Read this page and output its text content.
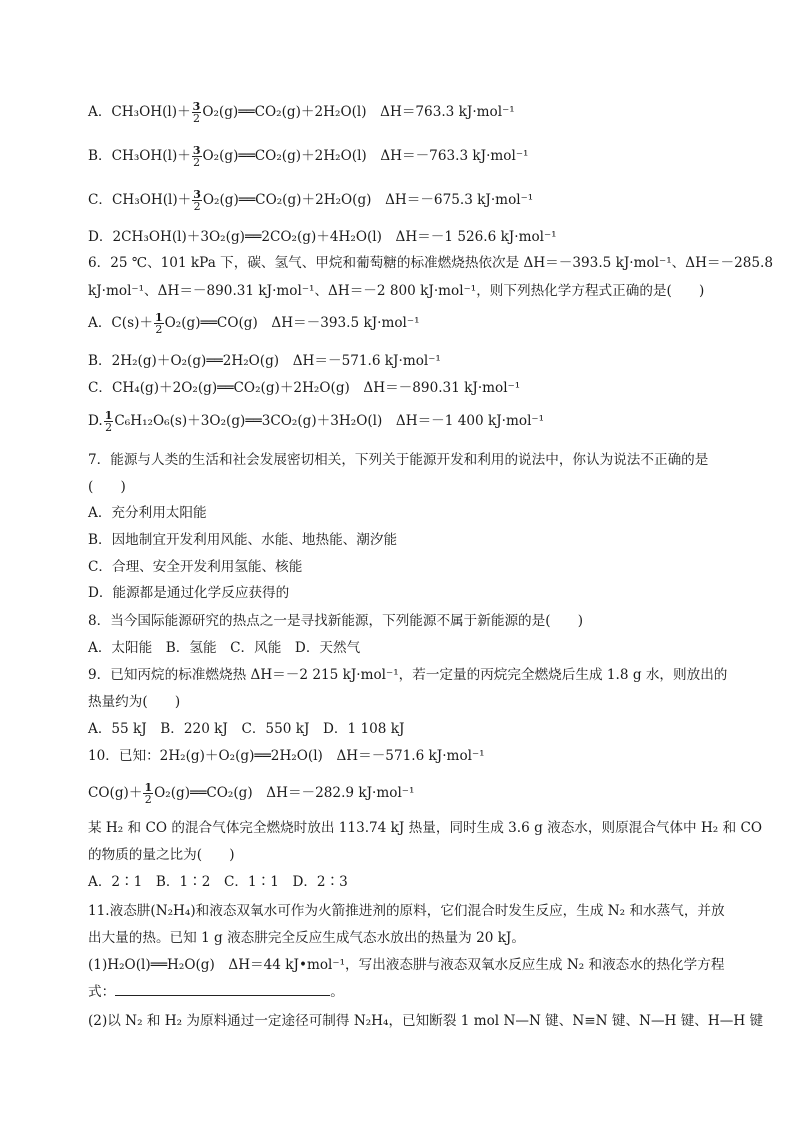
A．$CH_3OH(l)+ \frac{3}{2}$ O₂(g)══CO₂(g)＋2H₂O(l)　ΔH＝763.3 kJ·mol⁻¹
B．$CH_3OH(l)+ \frac{3}{2}$ O₂(g)══CO₂(g)＋2H₂O(l)　ΔH＝－763.3 kJ·mol⁻¹
C．$CH_3OH(l)+ \frac{3}{2}$ O₂(g)══CO₂(g)＋2H₂O(g)　ΔH＝－675.3 kJ·mol⁻¹
D．2CH₃OH(l)＋3O₂(g)══2CO₂(g)＋4H₂O(l)　ΔH＝－1 526.6 kJ·mol⁻¹
6．25 ℃、101 kPa 下，碳、氢气、甲烷和葡萄糖的标准燃烧热依次是 ΔH＝－393.5 kJ·mol⁻¹、ΔH＝－285.8
kJ·mol⁻¹、ΔH＝－890.31 kJ·mol⁻¹、ΔH＝－2 800 kJ·mol⁻¹，则下列热化学方程式正确的是(　　)
A．$C(s)+ \frac{1}{2}$ O₂(g)══CO(g)　ΔH＝－393.5 kJ·mol⁻¹
B．2H₂(g)＋O₂(g)══2H₂O(g)　ΔH＝－571.6 kJ·mol⁻¹
C．CH₄(g)＋2O₂(g)══CO₂(g)＋2H₂O(g)　ΔH＝－890.31 kJ·mol⁻¹
D. $\frac{1}{2}$ C₆H₁₂O₆(s)＋3O₂(g)══3CO₂(g)＋3H₂O(l)　ΔH＝－1 400 kJ·mol⁻¹
7．能源与人类的生活和社会发展密切相关，下列关于能源开发和利用的说法中，你认为说法不正确的是
(　　)
A．充分利用太阳能
B．因地制宜开发利用风能、水能、地热能、潮汐能
C．合理、安全开发利用氢能、核能
D．能源都是通过化学反应获得的
8．当今国际能源研究的热点之一是寻找新能源，下列能源不属于新能源的是(　　)
A．太阳能　B．氢能　C．风能　D．天然气
9．已知丙烷的标准燃烧热 ΔH＝－2 215 kJ·mol⁻¹，若一定量的丙烷完全燃烧后生成 1.8 g 水，则放出的
热量约为(　　)
A．55 kJ　B．220 kJ　C．550 kJ　D．1 108 kJ
10．已知：2H₂(g)＋O₂(g)══2H₂O(l)　ΔH＝－571.6 kJ·mol⁻¹
$CO(g)+ \frac{1}{2}$ O₂(g)══CO₂(g)　ΔH＝－282.9 kJ·mol⁻¹
某 H₂ 和 CO 的混合气体完全燃烧时放出 113.74 kJ 热量，同时生成 3.6 g 液态水，则原混合气体中 H₂ 和 CO
的物质的量之比为(　　)
A．2∶1　B．1∶2　C．1∶1　D．2∶3
11.液态肼(N₂H₄)和液态双氧水可作为火箭推进剂的原料，它们混合时发生反应，生成 N₂ 和水蒸气，并放
出大量的热。已知 1 g 液态肼完全反应生成气态水放出的热量为 20 kJ。
(1)H₂O(l)══H₂O(g)　ΔH＝44 kJ•mol⁻¹，写出液态肼与液态双氧水反应生成 N₂ 和液态水的热化学方程
式：	。
(2)以 N₂ 和 H₂ 为原料通过一定途径可制得 N₂H₄，已知断裂 1 mol N—N 键、N≡N 键、N—H 键、H—H 键
